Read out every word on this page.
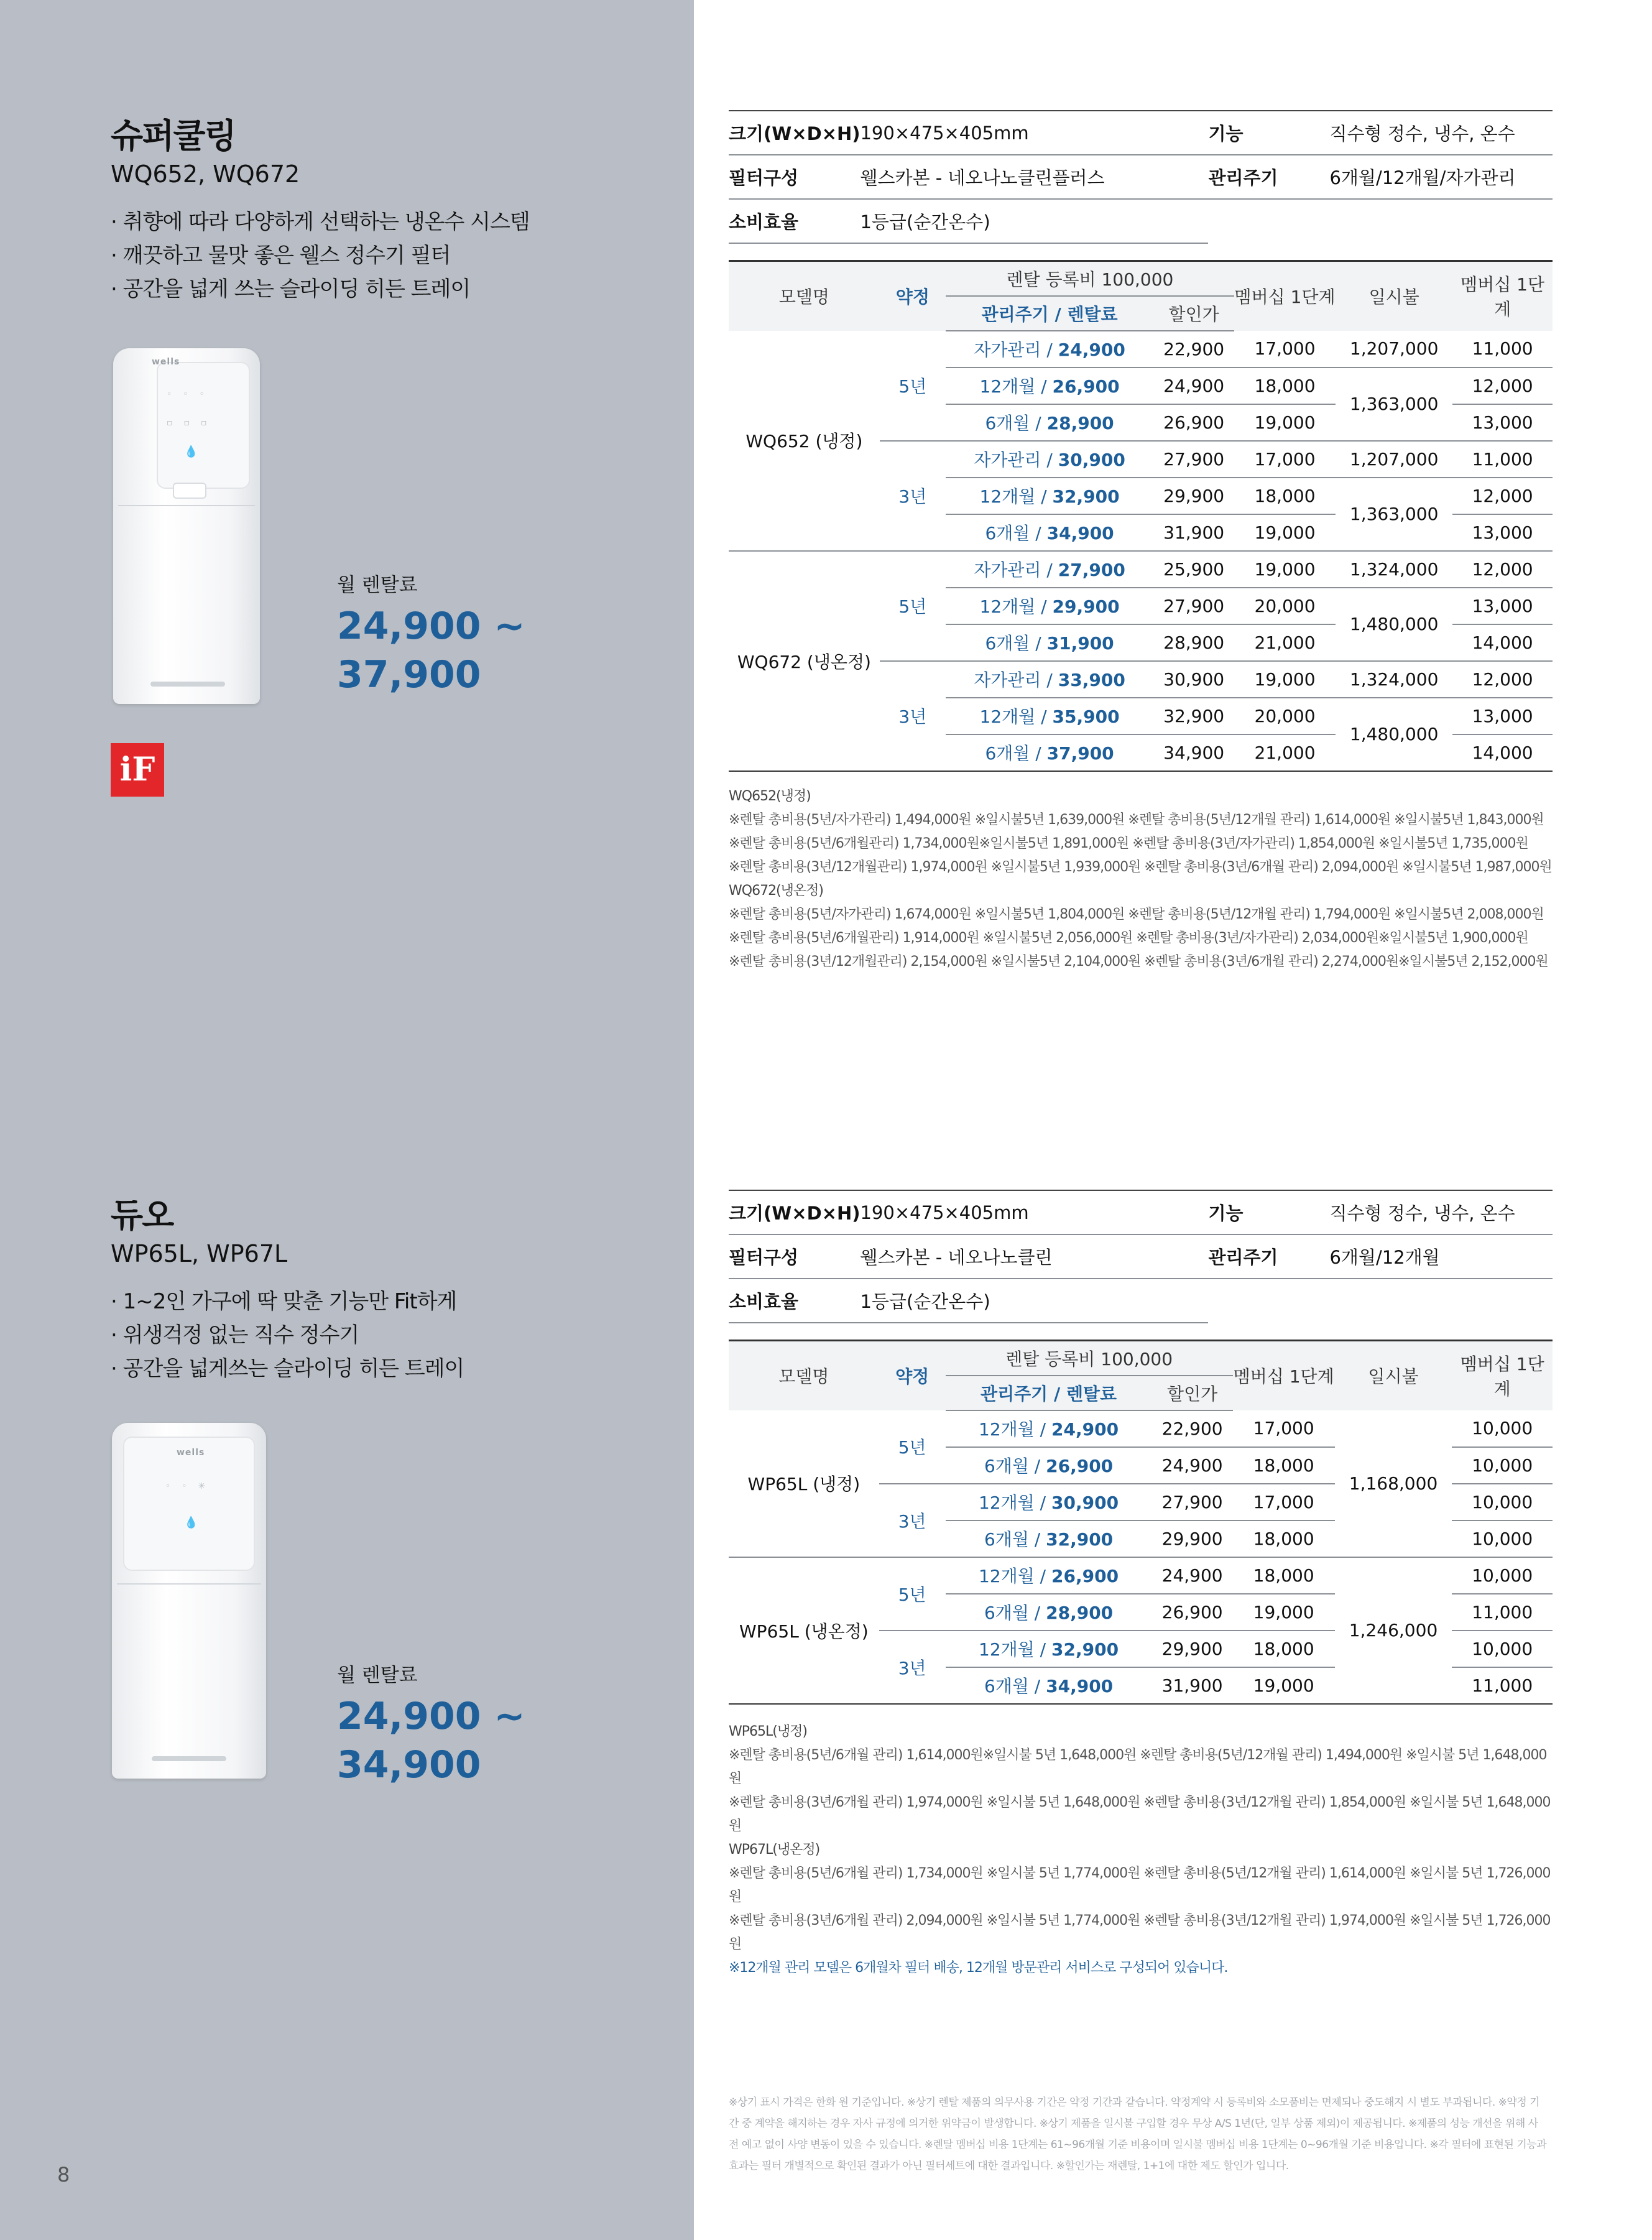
슈퍼쿨링
WQ652, WQ672
· 취향에 따라 다양하게 선택하는 냉온수 시스템
· 깨끗하고 물맛 좋은 웰스 정수기 필터
· 공간을 넓게 쓰는 슬라이딩 히든 트레이
wells
◦◦◦
▫▫▫
💧
월 렌탈료
24,900 ~
37,900
iF
크기(W×D×H)	190×475×405mm	기능	직수형 정수, 냉수, 온수
필터구성	웰스카본 - 네오나노클린플러스	관리주기	6개월/12개월/자가관리
소비효율	1등급(순간온수)		
모델명	약정	렌탈 등록비 100,000		멤버십 1단계	일시불	멤버십 1단계
		관리주기 / 렌탈료	할인가			
WQ652 (냉정)	5년	자가관리 / 24,900	22,900	17,000	1,207,000	11,000
		12개월 / 26,900	24,900	18,000	1,363,000	12,000
		6개월 / 28,900	26,900	19,000		13,000
	3년	자가관리 / 30,900	27,900	17,000	1,207,000	11,000
		12개월 / 32,900	29,900	18,000	1,363,000	12,000
		6개월 / 34,900	31,900	19,000		13,000
WQ672 (냉온정)	5년	자가관리 / 27,900	25,900	19,000	1,324,000	12,000
		12개월 / 29,900	27,900	20,000	1,480,000	13,000
		6개월 / 31,900	28,900	21,000		14,000
	3년	자가관리 / 33,900	30,900	19,000	1,324,000	12,000
		12개월 / 35,900	32,900	20,000	1,480,000	13,000
		6개월 / 37,900	34,900	21,000		14,000
WQ652(냉정)
※렌탈 총비용(5년/자가관리) 1,494,000원 ※일시불5년 1,639,000원 ※렌탈 총비용(5년/12개월 관리) 1,614,000원 ※일시불5년 1,843,000원
※렌탈 총비용(5년/6개월관리) 1,734,000원※일시불5년 1,891,000원 ※렌탈 총비용(3년/자가관리) 1,854,000원 ※일시불5년 1,735,000원
※렌탈 총비용(3년/12개월관리) 1,974,000원 ※일시불5년 1,939,000원 ※렌탈 총비용(3년/6개월 관리) 2,094,000원 ※일시불5년 1,987,000원
WQ672(냉온정)
※렌탈 총비용(5년/자가관리) 1,674,000원 ※일시불5년 1,804,000원 ※렌탈 총비용(5년/12개월 관리) 1,794,000원 ※일시불5년 2,008,000원
※렌탈 총비용(5년/6개월관리) 1,914,000원 ※일시불5년 2,056,000원 ※렌탈 총비용(3년/자가관리) 2,034,000원※일시불5년 1,900,000원
※렌탈 총비용(3년/12개월관리) 2,154,000원 ※일시불5년 2,104,000원 ※렌탈 총비용(3년/6개월 관리) 2,274,000원※일시불5년 2,152,000원
듀오
WP65L, WP67L
· 1~2인 가구에 딱 맞춘 기능만 Fit하게
· 위생걱정 없는 직수 정수기
· 공간을 넓게쓰는 슬라이딩 히든 트레이
wells
◦◦✳
💧
월 렌탈료
24,900 ~
34,900
크기(W×D×H)	190×475×405mm	기능	직수형 정수, 냉수, 온수
필터구성	웰스카본 - 네오나노클린	관리주기	6개월/12개월
소비효율	1등급(순간온수)		
모델명	약정	렌탈 등록비 100,000		멤버십 1단계	일시불	멤버십 1단계
		관리주기 / 렌탈료	할인가			
WP65L (냉정)	5년	12개월 / 24,900	22,900	17,000	1,168,000	10,000
		6개월 / 26,900	24,900	18,000		10,000
	3년	12개월 / 30,900	27,900	17,000		10,000
		6개월 / 32,900	29,900	18,000		10,000
WP65L (냉온정)	5년	12개월 / 26,900	24,900	18,000	1,246,000	10,000
		6개월 / 28,900	26,900	19,000		11,000
	3년	12개월 / 32,900	29,900	18,000		10,000
		6개월 / 34,900	31,900	19,000		11,000
WP65L(냉정)
※렌탈 총비용(5년/6개월 관리) 1,614,000원※일시불 5년 1,648,000원 ※렌탈 총비용(5년/12개월 관리) 1,494,000원 ※일시불 5년 1,648,000원
※렌탈 총비용(3년/6개월 관리) 1,974,000원 ※일시불 5년 1,648,000원 ※렌탈 총비용(3년/12개월 관리) 1,854,000원 ※일시불 5년 1,648,000원
WP67L(냉온정)
※렌탈 총비용(5년/6개월 관리) 1,734,000원 ※일시불 5년 1,774,000원 ※렌탈 총비용(5년/12개월 관리) 1,614,000원 ※일시불 5년 1,726,000원
※렌탈 총비용(3년/6개월 관리) 2,094,000원 ※일시불 5년 1,774,000원 ※렌탈 총비용(3년/12개월 관리) 1,974,000원 ※일시불 5년 1,726,000원
※12개월 관리 모델은 6개월차 필터 배송, 12개월 방문관리 서비스로 구성되어 있습니다.
※상기 표시 가격은 한화 원 기준입니다. ※상기 렌탈 제품의 의무사용 기간은 약정 기간과 같습니다. 약정계약 시 등록비와 소모품비는 면제되나 중도해지 시 별도 부과됩니다. ※약정 기
간 중 계약을 해지하는 경우 자사 규정에 의거한 위약금이 발생합니다. ※상기 제품을 일시불 구입할 경우 무상 A/S 1년(단, 일부 상품 제외)이 제공됩니다. ※제품의 성능 개선을 위해 사
전 예고 없이 사양 변동이 있을 수 있습니다. ※렌탈 멤버십 비용 1단계는 61~96개월 기준 비용이며 일시불 멤버십 비용 1단계는 0~96개월 기준 비용입니다. ※각 필터에 표현된 기능과
효과는 필터 개별적으로 확인된 결과가 아닌 필터세트에 대한 결과입니다. ※할인가는 재렌탈, 1+1에 대한 제도 할인가 입니다.
8
